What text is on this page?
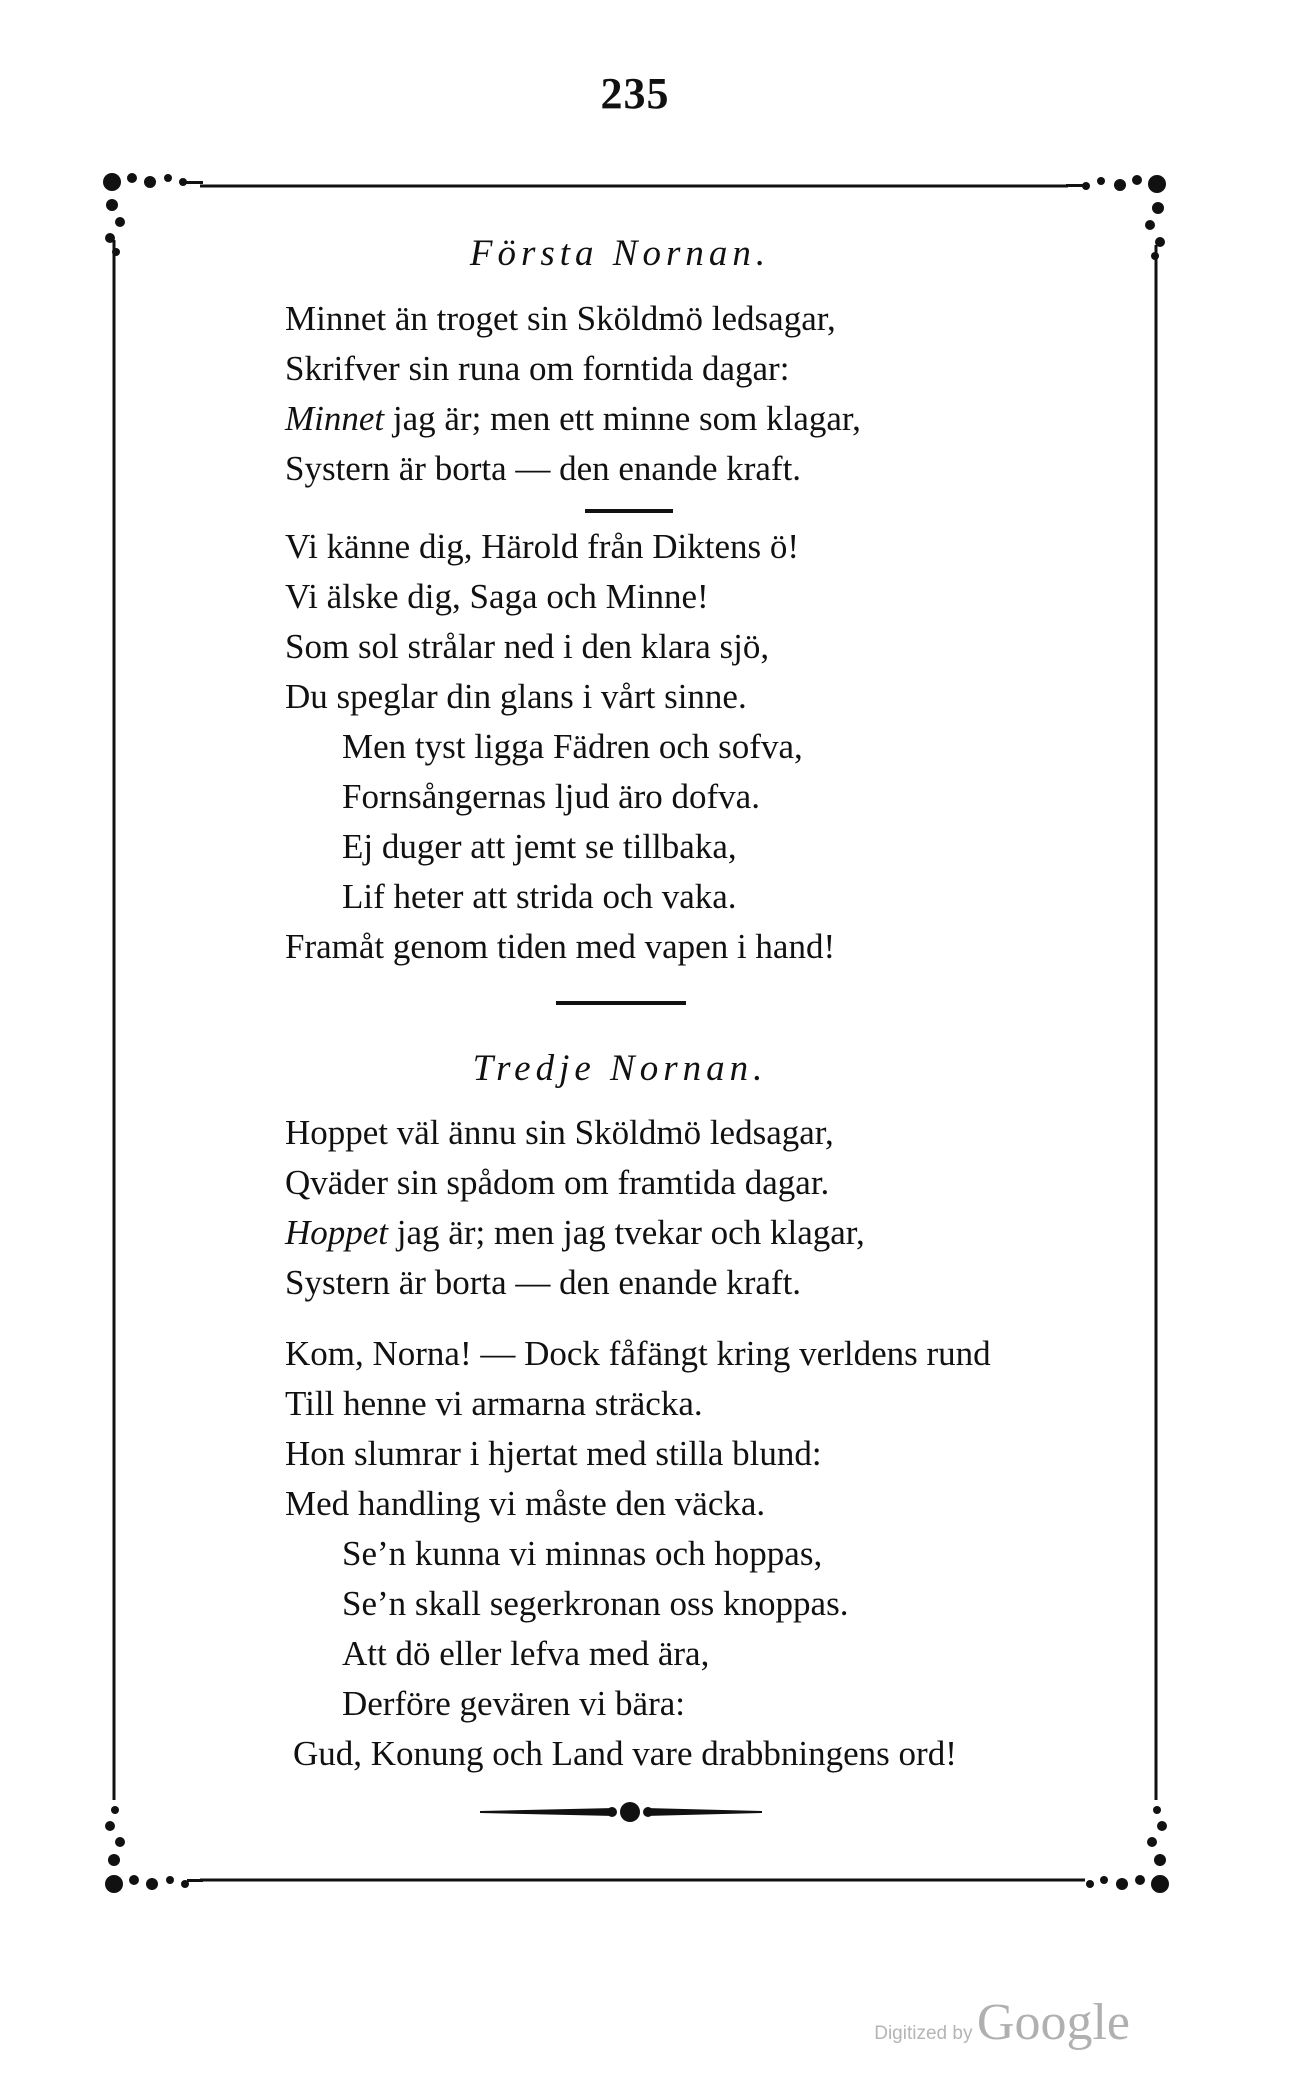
235
Första Nornan.
Minnet än troget sin Sköldmö ledsagar,
Skrifver sin runa om forntida dagar:
Minnet jag är; men ett minne som klagar,
Systern är borta — den enande kraft.
Vi känne dig, Härold från Diktens ö!
Vi älske dig, Saga och Minne!
Som sol strålar ned i den klara sjö,
Du speglar din glans i vårt sinne.
Men tyst ligga Fädren och sofva,
Fornsångernas ljud äro dofva.
Ej duger att jemt se tillbaka,
Lif heter att strida och vaka.
Framåt genom tiden med vapen i hand!
Tredje Nornan.
Hoppet väl ännu sin Sköldmö ledsagar,
Qväder sin spådom om framtida dagar.
Hoppet jag är; men jag tvekar och klagar,
Systern är borta — den enande kraft.
Kom, Norna! — Dock fåfängt kring verldens rund
Till henne vi armarna sträcka.
Hon slumrar i hjertat med stilla blund:
Med handling vi måste den väcka.
Se’n kunna vi minnas och hoppas,
Se’n skall segerkronan oss knoppas.
Att dö eller lefva med ära,
Derföre gevären vi bära:
Gud, Konung och Land vare drabbningens ord!
Digitized by Google
